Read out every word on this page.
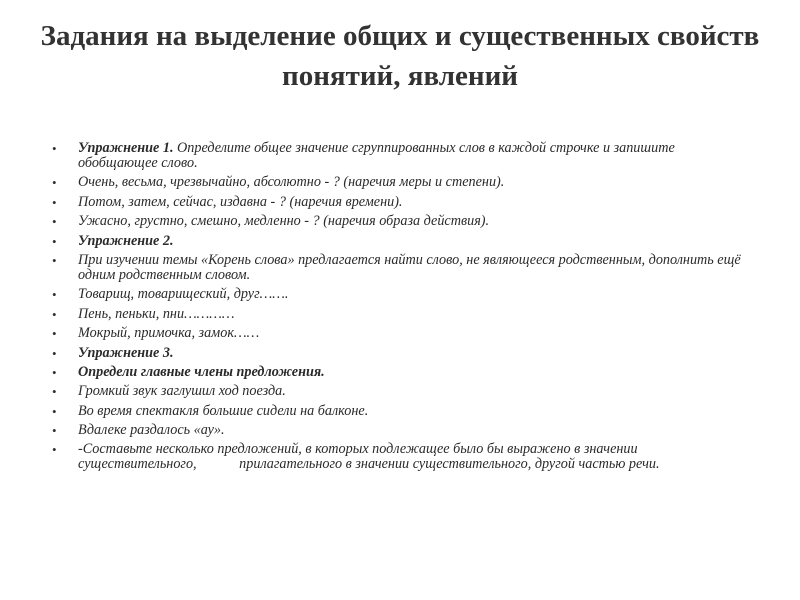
Задания на выделение общих и существенных свойств понятий, явлений
• Упражнение 1. Определите общее значение сгруппированных слов в каждой строчке и запишите обобщающее слово.
• Очень, весьма, чрезвычайно, абсолютно - ? (наречия меры и степени).
• Потом, затем, сейчас, издавна - ? (наречия времени).
• Ужасно, грустно, смешно, медленно - ? (наречия образа действия).
• Упражнение 2.
• При изучении темы «Корень слова» предлагается найти слово, не являющееся родственным, дополнить ещё одним родственным словом.
• Товарищ, товарищеский, друг…….
• Пень, пеньки, пни…………
• Мокрый, примочка, замок……
• Упражнение 3.
• Определи главные члены предложения.
• Громкий звук заглушил ход поезда.
• Во время спектакля большие сидели на балконе.
• Вдалеке раздалось «ау».
• -Составьте несколько предложений, в которых подлежащее было бы выражено в значении существительного,            прилагательного в значении существительного, другой частью речи.
